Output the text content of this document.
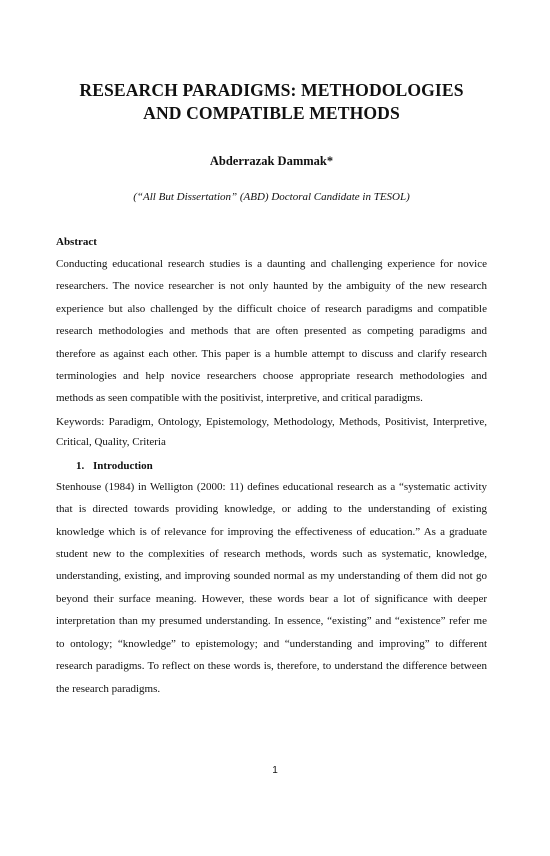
RESEARCH PARADIGMS: METHODOLOGIES
AND COMPATIBLE METHODS

Abderrazak Dammak*

(“All But Dissertation” (ABD) Doctoral Candidate in TESOL)

Abstract

Conducting educational research studies is a daunting and challenging experience for novice researchers. The novice researcher is not only haunted by the ambiguity of the new research experience but also challenged by the difficult choice of research paradigms and compatible research methodologies and methods that are often presented as competing paradigms and therefore as against each other. This paper is a humble attempt to discuss and clarify research terminologies and help novice researchers choose appropriate research methodologies and methods as seen compatible with the positivist, interpretive, and critical paradigms.

Keywords: Paradigm, Ontology, Epistemology, Methodology, Methods, Positivist, Interpretive, Critical, Quality, Criteria

1. Introduction

Stenhouse (1984) in Welligton (2000: 11) defines educational research as a “systematic activity that is directed towards providing knowledge, or adding to the understanding of existing knowledge which is of relevance for improving the effectiveness of education.” As a graduate student new to the complexities of research methods, words such as systematic, knowledge, understanding, existing, and improving sounded normal as my understanding of them did not go beyond their surface meaning. However, these words bear a lot of significance with deeper interpretation than my presumed understanding. In essence, “existing” and “existence” refer me to ontology; “knowledge” to epistemology; and “understanding and improving” to different research paradigms. To reflect on these words is, therefore, to understand the difference between the research paradigms.

1
